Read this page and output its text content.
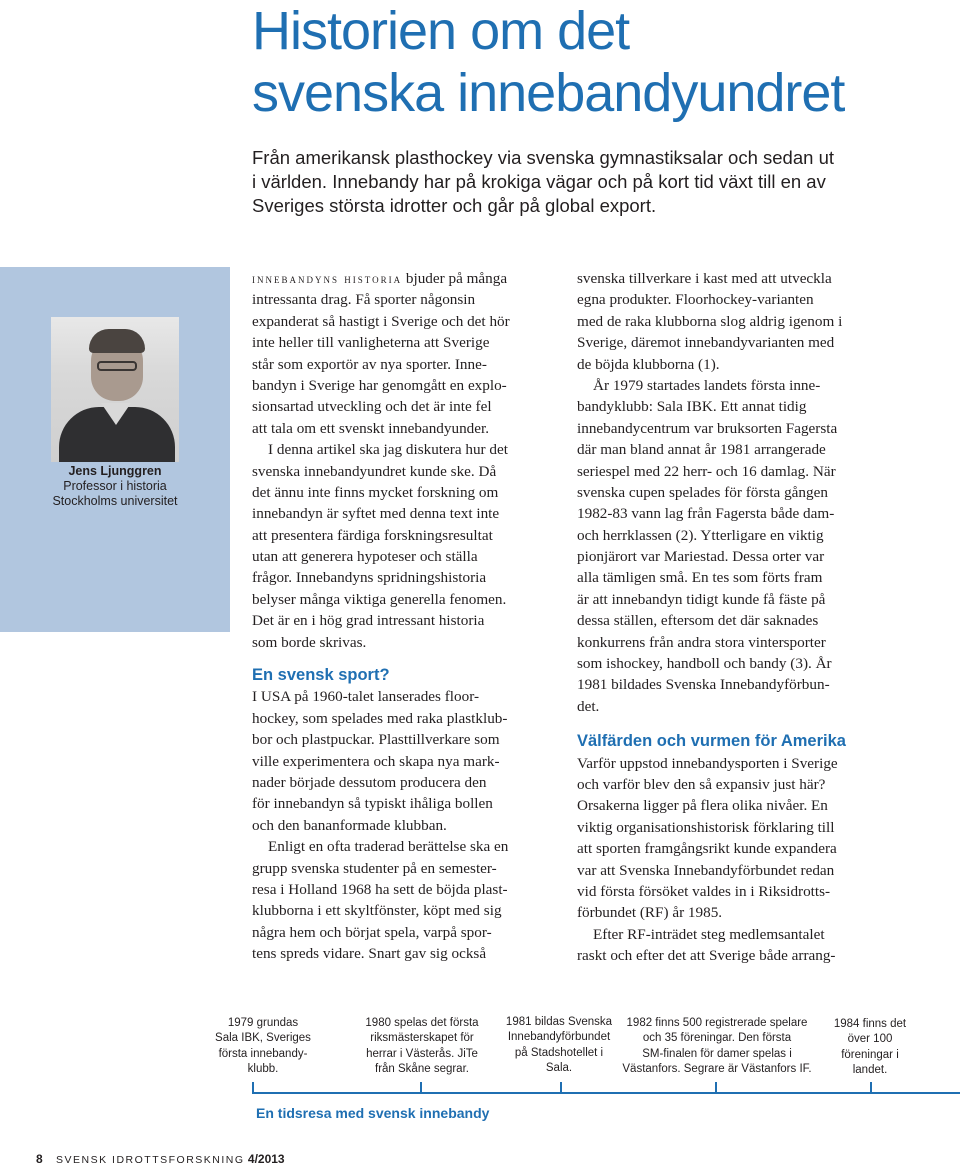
Historien om det
svenska innebandyundret
Från amerikansk plasthockey via svenska gymnastiksalar och sedan ut
i världen. Innebandy har på krokiga vägar och på kort tid växt till en av
Sveriges största idrotter och går på global export.
Jens Ljunggren
Professor i historia
Stockholms universitet
innebandyns historia bjuder på många
intressanta drag. Få sporter någonsin
expanderat så hastigt i Sverige och det hör
inte heller till vanligheterna att Sverige
står som exportör av nya sporter. Inne-
bandyn i Sverige har genomgått en explo-
sionsartad utveckling och det är inte fel
att tala om ett svenskt innebandyunder.
I denna artikel ska jag diskutera hur det
svenska innebandyundret kunde ske. Då
det ännu inte finns mycket forskning om
innebandyn är syftet med denna text inte
att presentera färdiga forskningsresultat
utan att generera hypoteser och ställa
frågor. Innebandyns spridningshistoria
belyser många viktiga generella fenomen.
Det är en i hög grad intressant historia
som borde skrivas.
En svensk sport?
I USA på 1960-talet lanserades floor-
hockey, som spelades med raka plastklub-
bor och plastpuckar. Plasttillverkare som
ville experimentera och skapa nya mark-
nader började dessutom producera den
för innebandyn så typiskt ihåliga bollen
och den bananformade klubban.
Enligt en ofta traderad berättelse ska en
grupp svenska studenter på en semester-
resa i Holland 1968 ha sett de böjda plast-
klubborna i ett skyltfönster, köpt med sig
några hem och börjat spela, varpå spor-
tens spreds vidare. Snart gav sig också
svenska tillverkare i kast med att utveckla
egna produkter. Floorhockey-varianten
med de raka klubborna slog aldrig igenom i
Sverige, däremot innebandyvarianten med
de böjda klubborna (1).
År 1979 startades landets första inne-
bandyklubb: Sala IBK. Ett annat tidig
innebandycentrum var bruksorten Fagersta
där man bland annat år 1981 arrangerade
seriespel med 22 herr- och 16 damlag. När
svenska cupen spelades för första gången
1982-83 vann lag från Fagersta både dam-
och herrklassen (2). Ytterligare en viktig
pionjärort var Mariestad. Dessa orter var
alla tämligen små. En tes som förts fram
är att innebandyn tidigt kunde få fäste på
dessa ställen, eftersom det där saknades
konkurrens från andra stora vintersporter
som ishockey, handboll och bandy (3). År
1981 bildades Svenska Innebandyförbun-
det.
Välfärden och vurmen för Amerika
Varför uppstod innebandysporten i Sverige
och varför blev den så expansiv just här?
Orsakerna ligger på flera olika nivåer. En
viktig organisationshistorisk förklaring till
att sporten framgångsrikt kunde expandera
var att Svenska Innebandyförbundet redan
vid första försöket valdes in i Riksidrotts-
förbundet (RF) år 1985.
Efter RF-inträdet steg medlemsantalet
raskt och efter det att Sverige både arrang-
1979 grundas
Sala IBK, Sveriges
första innebandy-
klubb.
1980 spelas det första
riksmästerskapet för
herrar i Västerås. JiTe
från Skåne segrar.
1981 bildas Svenska
Innebandyförbundet
på Stadshotellet i
Sala.
1982 finns 500 registrerade spelare
och 35 föreningar. Den första
SM-finalen för damer spelas i
Västanfors. Segrare är Västanfors IF.
1984 finns det
över 100
föreningar i
landet.
En tidsresa med svensk innebandy
8 SVENSK IDROTTSFORSKNING 4/2013
